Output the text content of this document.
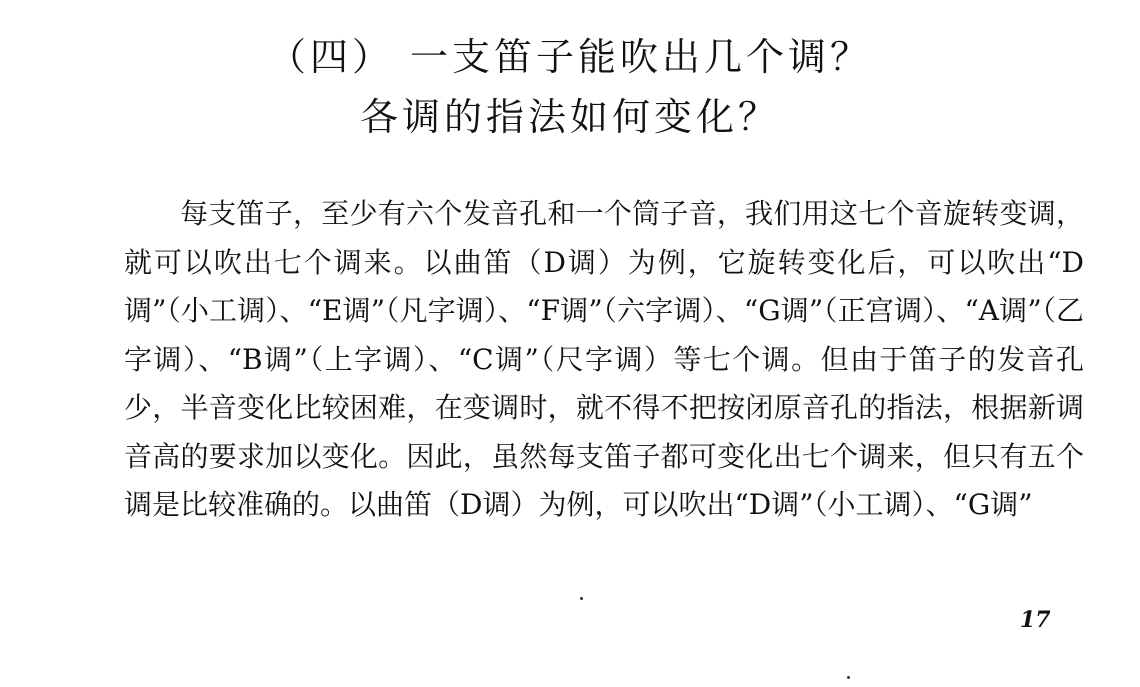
（四） 一支笛子能吹出几个调？
各调的指法如何变化？

每支笛子，至少有六个发音孔和一个筒子音，我们用这七个音旋转变调，就可以吹出七个调来。以曲笛（D调）为例，它旋转变化后，可以吹出“D调”（小工调）、“E调”（凡字调）、“F调”（六字调）、“G调”（正宫调）、“A调”（乙字调）、“B调”（上字调）、“C调”（尺字调）等七个调。但由于笛子的发音孔少，半音变化比较困难，在变调时，就不得不把按闭原音孔的指法，根据新调音高的要求加以变化。因此，虽然每支笛子都可变化出七个调来，但只有五个调是比较准确的。以曲笛（D调）为例，可以吹出“D调”（小工调）、“G调”

17
